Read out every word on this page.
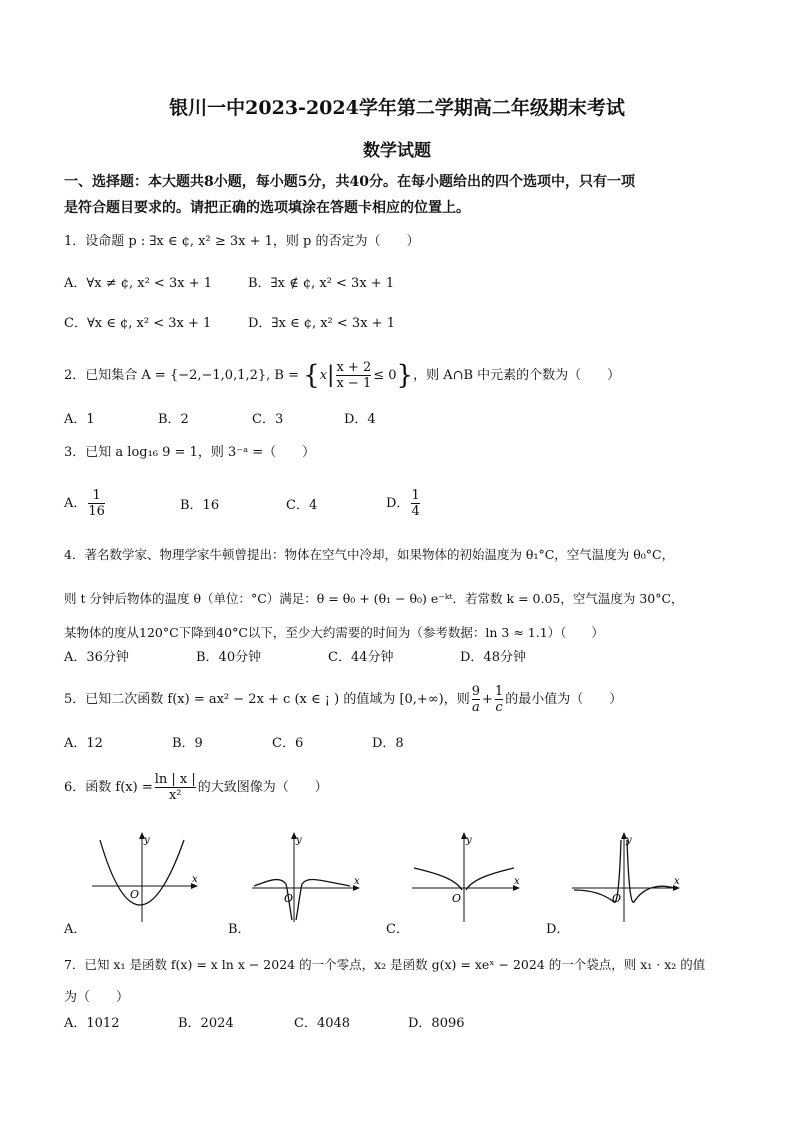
银川一中2023-2024学年第二学期高二年级期末考试
数学试题
一、选择题：本大题共8小题，每小题5分，共40分。在每小题给出的四个选项中，只有一项
是符合题目要求的。请把正确的选项填涂在答题卡相应的位置上。
1．设命题 p : ∃x ∈ ¢, x² ≥ 3x + 1，则 p 的否定为（　　）
A．∀x ≠ ¢, x² < 3x + 1	B．∃x ∉ ¢, x² < 3x + 1
C．∀x ∈ ¢, x² < 3x + 1	D．∃x ∈ ¢, x² < 3x + 1
2．已知集合 A = {−2,−1,0,1,2}, $B = \{x| \frac{x + 2}{x - 1} \le 0\}$，则 A∩B 中元素的个数为（　　）
A．1	B．2	C．3	D．4
3．已知 a log₁₆ 9 = 1，则 3⁻ᵃ =（　　）
A． $\frac{1}{16}$	B．16	C．4	D． $\frac{1}{4}$
4．著名数学家、物理学家牛顿曾提出：物体在空气中冷却，如果物体的初始温度为 θ₁°C，空气温度为 θ₀°C，
则 t 分钟后物体的温度 θ（单位：°C）满足：θ = θ₀ + (θ₁ − θ₀) e⁻ᵏᵗ．若常数 k = 0.05，空气温度为 30°C，
某物体的度从120°C下降到40°C以下，至少大约需要的时间为（参考数据：ln 3 ≈ 1.1）（　　）
A．36分钟	B．40分钟	C．44分钟	D．48分钟
5．已知二次函数 f(x) = ax² − 2x + c (x ∈ ¡ ) 的值域为 [0,+∞)，则 $\frac{9}{a} + \frac{1}{c}$ 的最小值为（　　）
A．12	B．9	C．6	D．8
6．函数 $f(x) = \frac{\ln | x |}{\text{x²}}$ 的大致图像为（　　）
y
x
O
A．
y
x
O
B．
y
x
O
C．
y
x
O
D．
7．已知 x₁ 是函数 f(x) = x ln x − 2024 的一个零点，x₂ 是函数 g(x) = xeˣ − 2024 的一个袋点，则 x₁ · x₂ 的值
为（　　）
A．1012	B．2024	C．4048	D．8096
